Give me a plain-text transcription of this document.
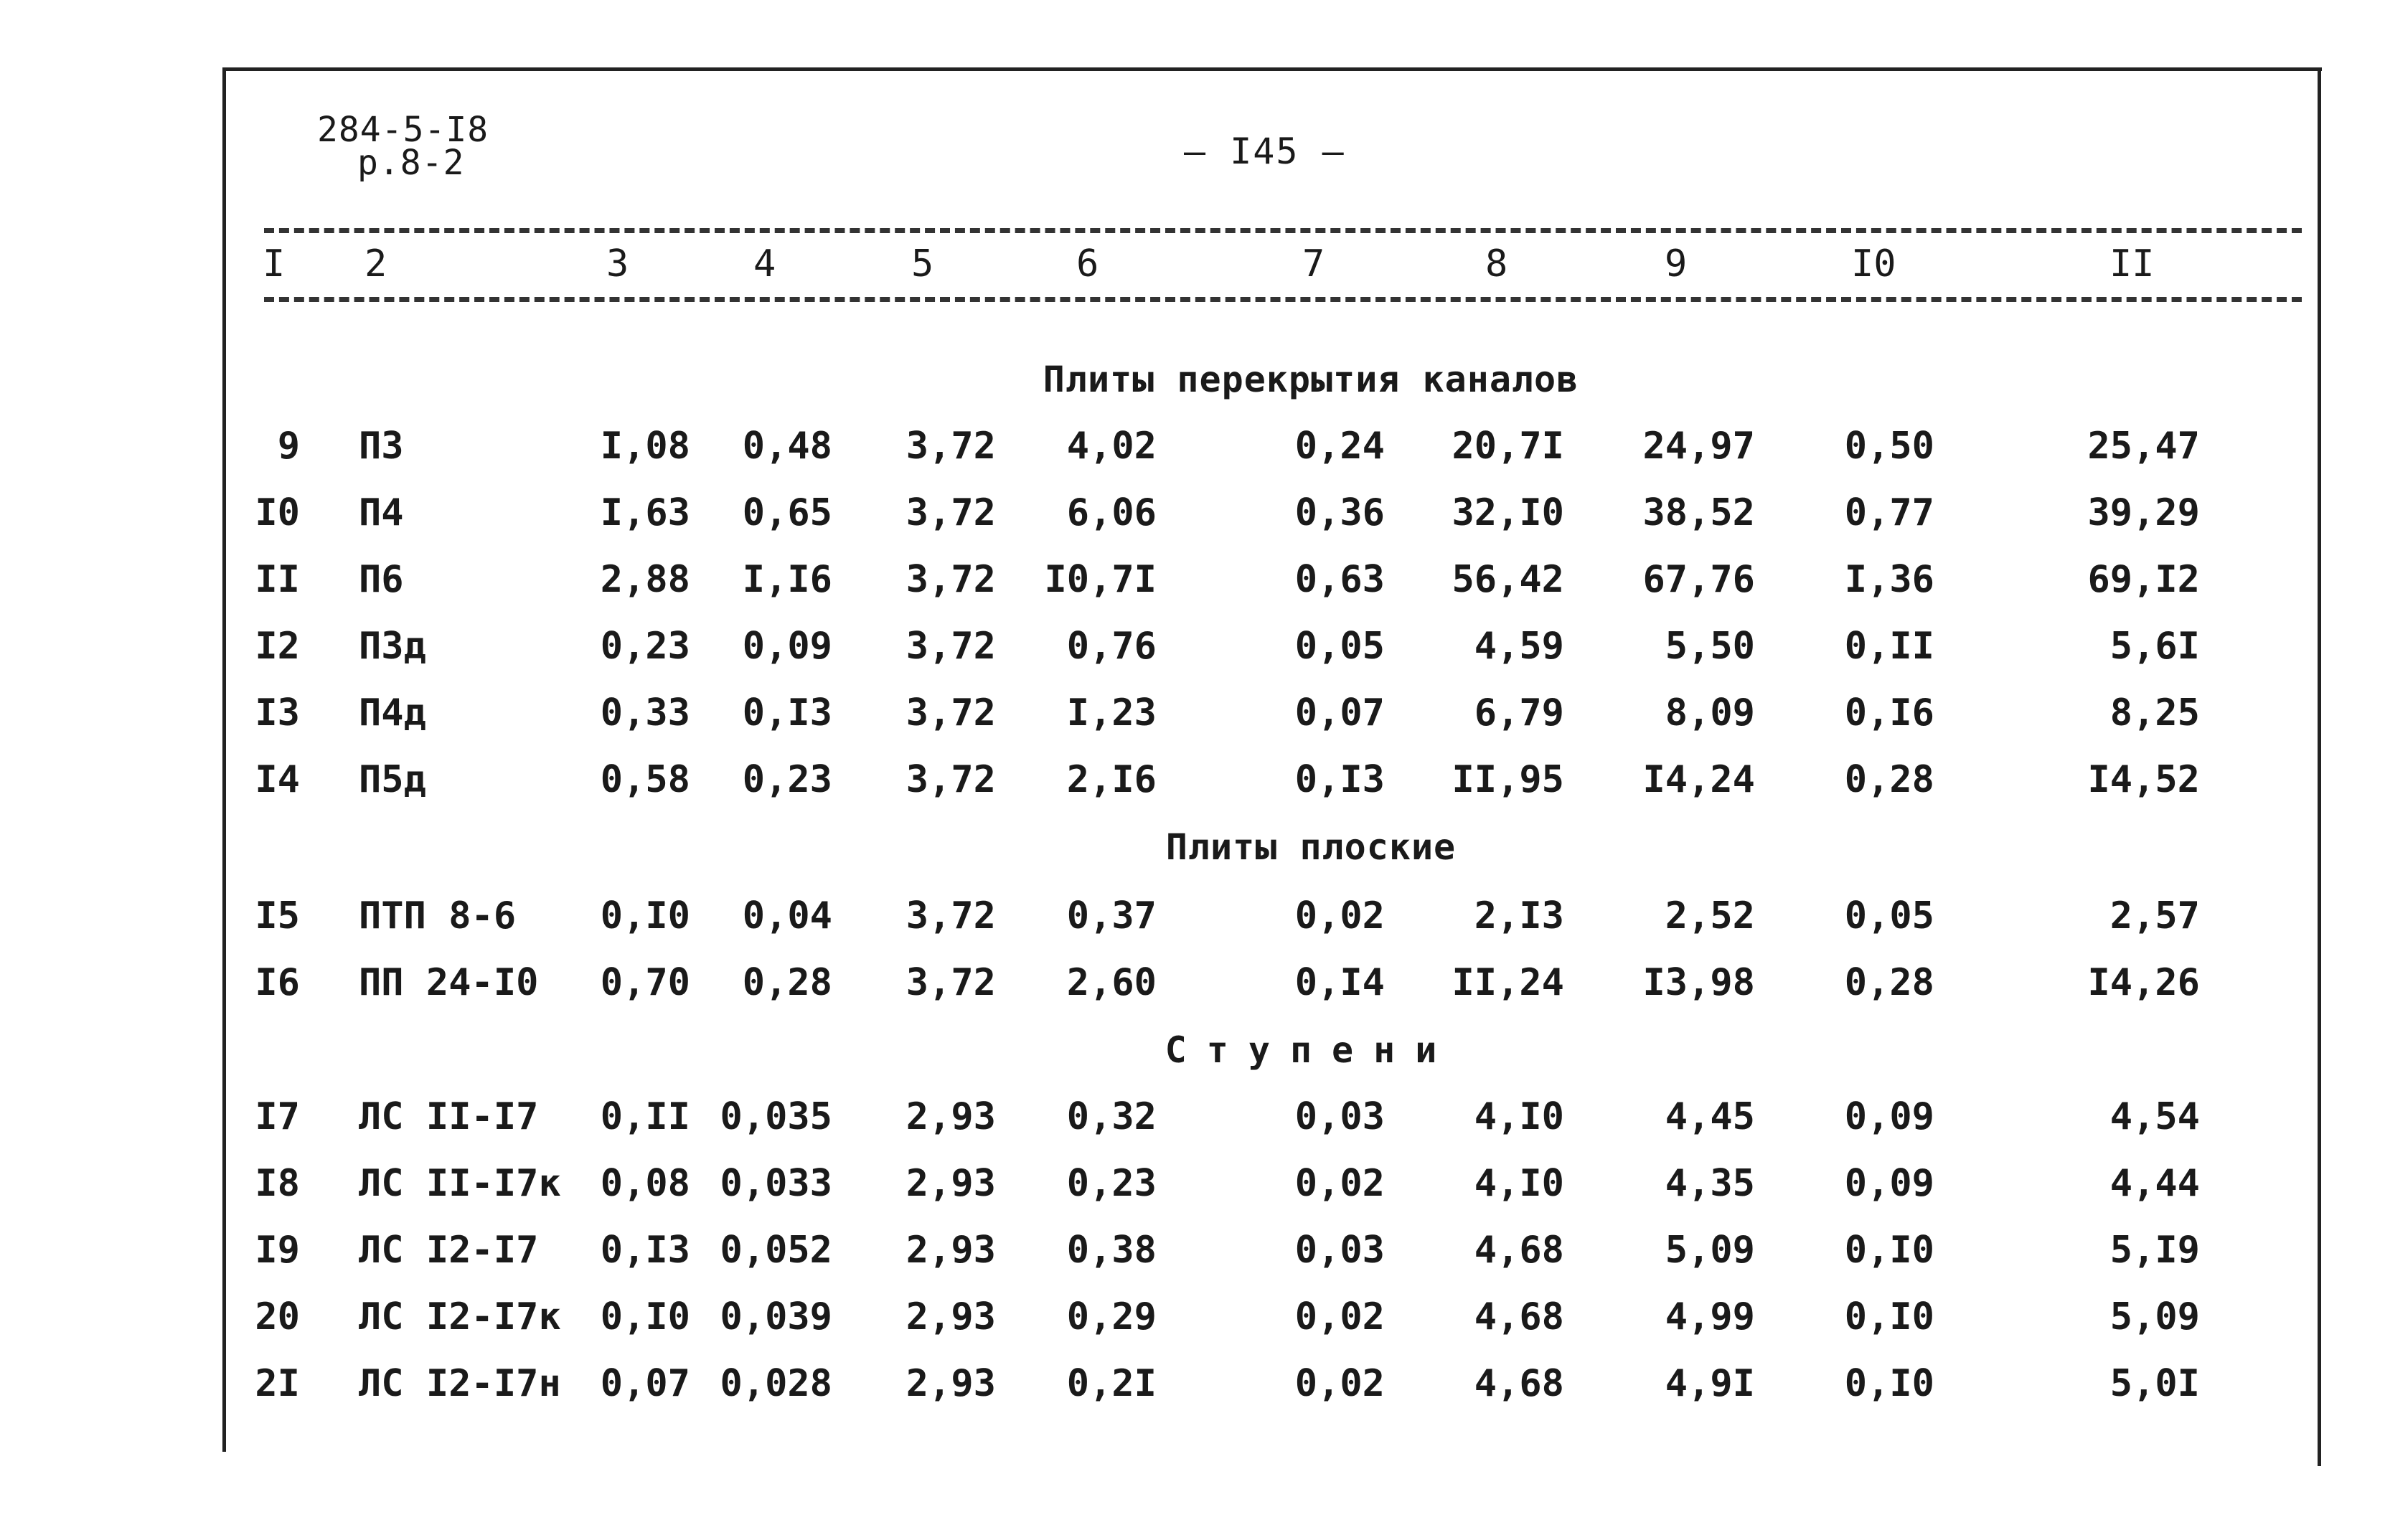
284-5-I8
р.8-2	— I45 —
I 2	3	4	5	6	7	8	9	I0	II
Плиты перекрытия каналов
9 П3	I,08	0,48	3,72	4,02	0,24	20,7I	24,97	0,50	25,47
I0 П4	I,63	0,65	3,72	6,06	0,36	32,I0	38,52	0,77	39,29
II П6	2,88	I,I6	3,72	I0,7I	0,63	56,42	67,76	I,36	69,I2
I2 П3д	0,23	0,09	3,72	0,76	0,05	4,59	5,50	0,II	5,6I
I3 П4д	0,33	0,I3	3,72	I,23	0,07	6,79	8,09	0,I6	8,25
I4 П5д	0,58	0,23	3,72	2,I6	0,I3	II,95	I4,24	0,28	I4,52
Плиты плоские
I5 ПТП 8-6	0,I0	0,04	3,72	0,37	0,02	2,I3	2,52	0,05	2,57
I6 ПП 24-I0	0,70	0,28	3,72	2,60	0,I4	II,24	I3,98	0,28	I4,26
Ступени
I7 ЛС II-I7	0,II 0,035	2,93	0,32	0,03	4,I0	4,45	0,09	4,54
I8 ЛС II-I7к	0,08 0,033	2,93	0,23	0,02	4,I0	4,35	0,09	4,44
I9 ЛС I2-I7	0,I3 0,052	2,93	0,38	0,03	4,68	5,09	0,I0	5,I9
20 ЛС I2-I7к	0,I0 0,039	2,93	0,29	0,02	4,68	4,99	0,I0	5,09
2I ЛС I2-I7н	0,07 0,028	2,93	0,2I	0,02	4,68	4,9I	0,I0	5,0I
